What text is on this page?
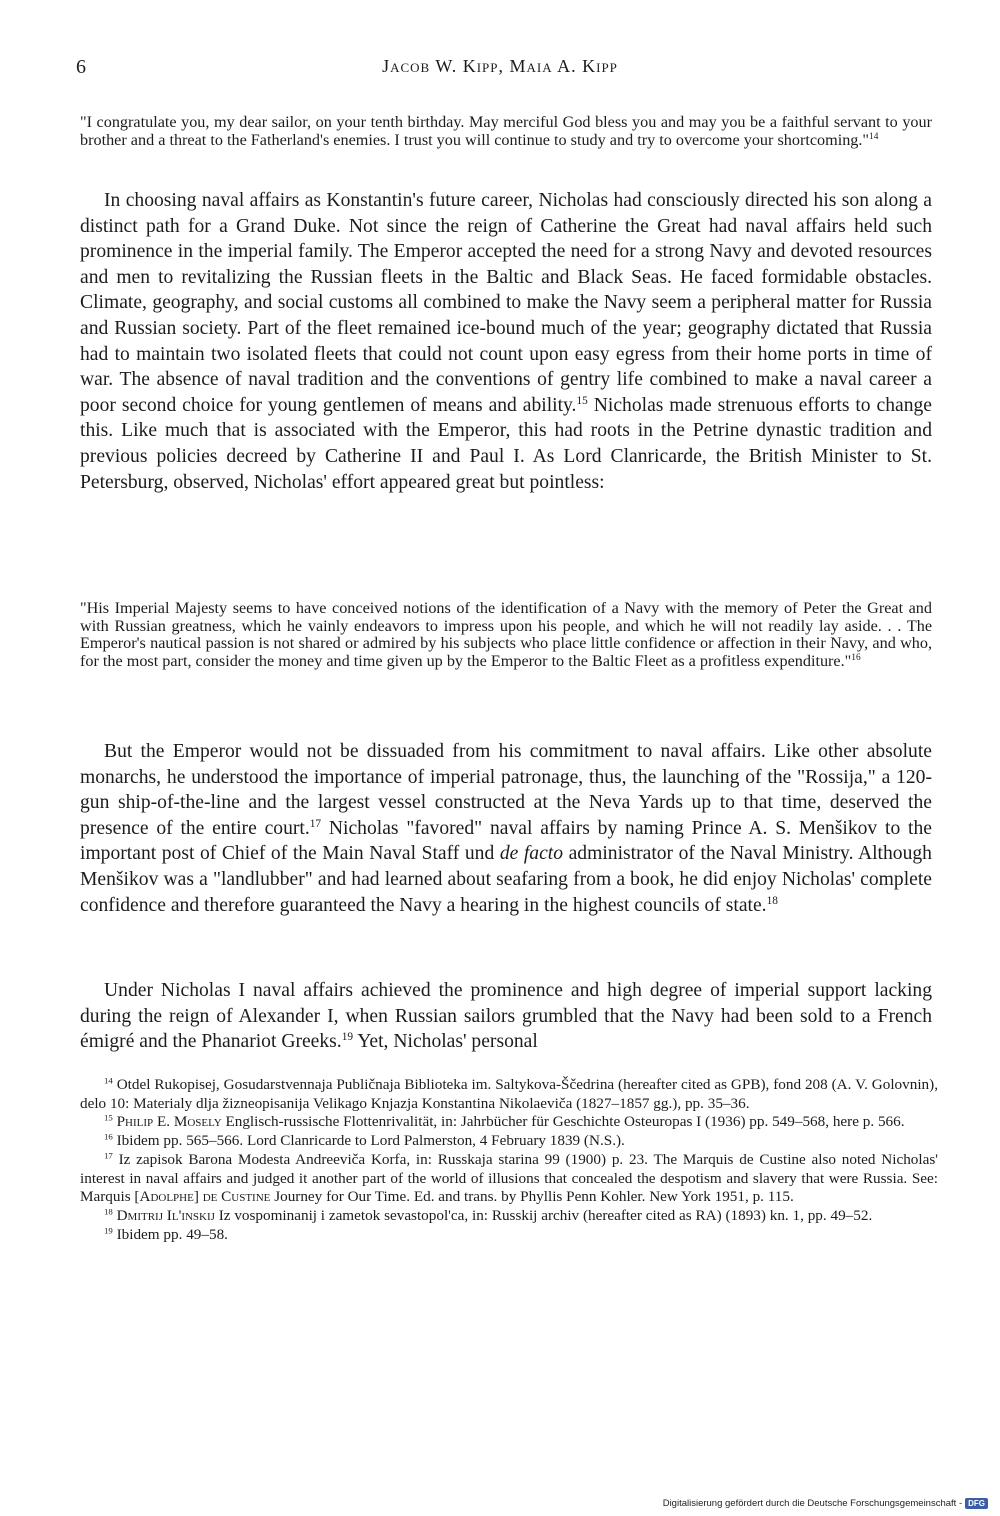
6	Jacob W. Kipp, Maia A. Kipp

"I congratulate you, my dear sailor, on your tenth birthday. May merciful God bless you and may you be a faithful servant to your brother and a threat to the Fatherland's enemies. I trust you will continue to study and try to overcome your shortcoming."$^{14}$

In choosing naval affairs as Konstantin's future career, Nicholas had consciously directed his son along a distinct path for a Grand Duke. Not since the reign of Catherine the Great had naval affairs held such prominence in the imperial family. The Emperor accepted the need for a strong Navy and devoted resources and men to revitalizing the Russian fleets in the Baltic and Black Seas. He faced formidable obstacles. Climate, geography, and social customs all combined to make the Navy seem a peripheral matter for Russia and Russian society. Part of the fleet remained ice-bound much of the year; geography dictated that Russia had to maintain two isolated fleets that could not count upon easy egress from their home ports in time of war. The absence of naval tradition and the conventions of gentry life combined to make a naval career a poor second choice for young gentlemen of means and ability.$^{15}$ Nicholas made strenuous efforts to change this. Like much that is associated with the Emperor, this had roots in the Petrine dynastic tradition and previous policies decreed by Catherine II and Paul I. As Lord Clanricarde, the British Minister to St. Petersburg, observed, Nicholas' effort appeared great but pointless:

"His Imperial Majesty seems to have conceived notions of the identification of a Navy with the memory of Peter the Great and with Russian greatness, which he vainly endeavors to impress upon his people, and which he will not readily lay aside. . . The Emperor's nautical passion is not shared or admired by his subjects who place little confidence or affection in their Navy, and who, for the most part, consider the money and time given up by the Emperor to the Baltic Fleet as a profitless expenditure."$^{16}$

But the Emperor would not be dissuaded from his commitment to naval affairs. Like other absolute monarchs, he understood the importance of imperial patronage, thus, the launching of the "Rossija," a 120-gun ship-of-the-line and the largest vessel constructed at the Neva Yards up to that time, deserved the presence of the entire court.$^{17}$ Nicholas "favored" naval affairs by naming Prince A. S. Menšikov to the important post of Chief of the Main Naval Staff und de facto administrator of the Naval Ministry. Although Menšikov was a "landlubber" and had learned about seafaring from a book, he did enjoy Nicholas' complete confidence and therefore guaranteed the Navy a hearing in the highest councils of state.$^{18}$

Under Nicholas I naval affairs achieved the prominence and high degree of imperial support lacking during the reign of Alexander I, when Russian sailors grumbled that the Navy had been sold to a French émigré and the Phanariot Greeks.$^{19}$ Yet, Nicholas' personal

$^{14}$ Otdel Rukopisej, Gosudarstvennaja Publičnaja Biblioteka im. Saltykova-Ščedrina (hereafter cited as GPB), fond 208 (A. V. Golovnin), delo 10: Materialy dlja žizneopisanija Velikago Knjazja Konstantina Nikolaeviča (1827–1857 gg.), pp. 35–36.

$^{15}$ Philip E. Mosely Englisch-russische Flottenrivalität, in: Jahrbücher für Geschichte Osteuropas I (1936) pp. 549–568, here p. 566.

$^{16}$ Ibidem pp. 565–566. Lord Clanricarde to Lord Palmerston, 4 February 1839 (N.S.).

$^{17}$ Iz zapisok Barona Modesta Andreeviča Korfa, in: Russkaja starina 99 (1900) p. 23. The Marquis de Custine also noted Nicholas' interest in naval affairs and judged it another part of the world of illusions that concealed the despotism and slavery that were Russia. See: Marquis [Adolphe] de Custine Journey for Our Time. Ed. and trans. by Phyllis Penn Kohler. New York 1951, p. 115.

$^{18}$ Dmitrij Il'inskij Iz vospominanij i zametok sevastopol'ca, in: Russkij archiv (hereafter cited as RA) (1893) kn. 1, pp. 49–52.

$^{19}$ Ibidem pp. 49–58.

Digitalisierung gefördert durch die Deutsche Forschungsgemeinschaft - DFG
